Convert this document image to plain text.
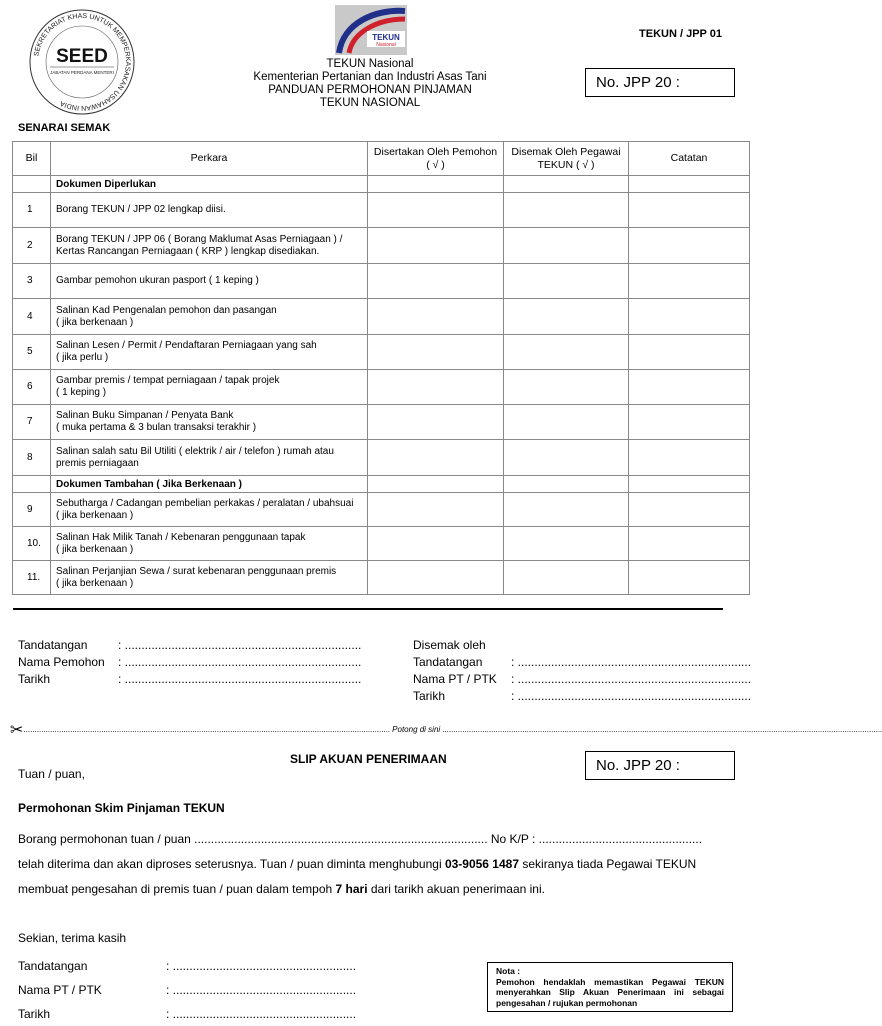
SEKRETARIAT KHAS UNTUK MEMPERKASAKAN USAHAWAN INDIA
SEED
JABATAN PERDANA MENTERI
TEKUN
Nasional
TEKUN Nasional
Kementerian Pertanian dan Industri Asas Tani
PANDUAN PERMOHONAN PINJAMAN
TEKUN NASIONAL
TEKUN / JPP 01
No. JPP 20 :
SENARAI SEMAK
Bil	Perkara	Disertakan Oleh Pemohon ( √ )	Disemak Oleh Pegawai TEKUN ( √ )	Catatan
	Dokumen Diperlukan			
1	Borang TEKUN / JPP 02 lengkap diisi.			

2	Borang TEKUN / JPP 06 ( Borang Maklumat Asas Perniagaan ) /
Kertas Rancangan Perniagaan ( KRP ) lengkap disediakan.			

3	Gambar pemohon ukuran pasport ( 1 keping )			

4	Salinan Kad Pengenalan pemohon dan pasangan
( jika berkenaan )			

5	Salinan Lesen / Permit / Pendaftaran Perniagaan yang sah
( jika perlu )			

6	Gambar premis / tempat perniagaan / tapak projek
( 1 keping )			

7	Salinan Buku Simpanan / Penyata Bank
( muka pertama & 3 bulan transaksi terakhir )			

8	Salinan salah satu Bil Utiliti ( elektrik / air / telefon ) rumah atau
premis perniagaan			

	Dokumen Tambahan ( Jika Berkenaan )			
9	Sebutharga / Cadangan pembelian perkakas / peralatan / ubahsuai
( jika berkenaan )			

10.	Salinan Hak Milik Tanah / Kebenaran penggunaan tapak
( jika berkenaan )			

11.	Salinan Perjanjian Sewa / surat kebenaran penggunaan premis
( jika berkenaan )			

Tandatangan	: .......................................................................
Nama Pemohon : .......................................................................
Tarikh	: .......................................................................
Disemak oleh
Tandatangan : ......................................................................
Nama PT / PTK : ......................................................................
Tarikh	: ......................................................................
✂..................................................................................................................................................................... Potong di sini ......................................................................................................................................................................................................
SLIP AKUAN PENERIMAAN	No. JPP 20 :
Tuan / puan,
Permohonan Skim Pinjaman TEKUN
Borang permohonan tuan / puan ........................................................................................ No K/P : .................................................
telah diterima dan akan diproses seterusnya. Tuan / puan diminta menghubungi 03-9056 1487 sekiranya tiada Pegawai TEKUN
membuat pengesahan di premis tuan / puan dalam tempoh 7 hari dari tarikh akuan penerimaan ini.
Sekian, terima kasih
Tandatangan	: .......................................................
Nama PT / PTK	: .......................................................
Tarikh	: .......................................................
Nota :
Pemohon hendaklah memastikan Pegawai TEKUN menyerahkan Slip Akuan Penerimaan ini sebagai pengesahan / rujukan permohonan
